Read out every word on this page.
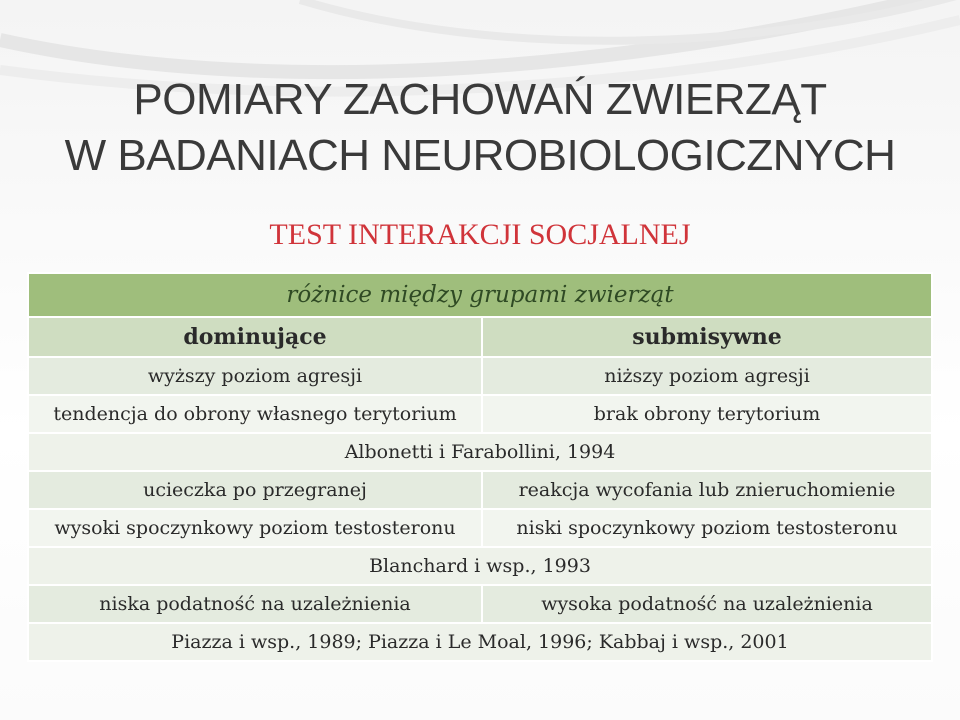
POMIARY ZACHOWAŃ ZWIERZĄT
W BADANIACH NEUROBIOLOGICZNYCH
TEST INTERAKCJI SOCJALNEJ
różnice między grupami zwierząt	
dominujące	submisywne
wyższy poziom agresji	niższy poziom agresji
tendencja do obrony własnego terytorium	brak obrony terytorium
Albonetti i Farabollini, 1994	
ucieczka po przegranej	reakcja wycofania lub znieruchomienie
wysoki spoczynkowy poziom testosteronu	niski spoczynkowy poziom testosteronu
Blanchard i wsp., 1993	
niska podatność na uzależnienia	wysoka podatność na uzależnienia
Piazza i wsp., 1989; Piazza i Le Moal, 1996; Kabbaj i wsp., 2001	
